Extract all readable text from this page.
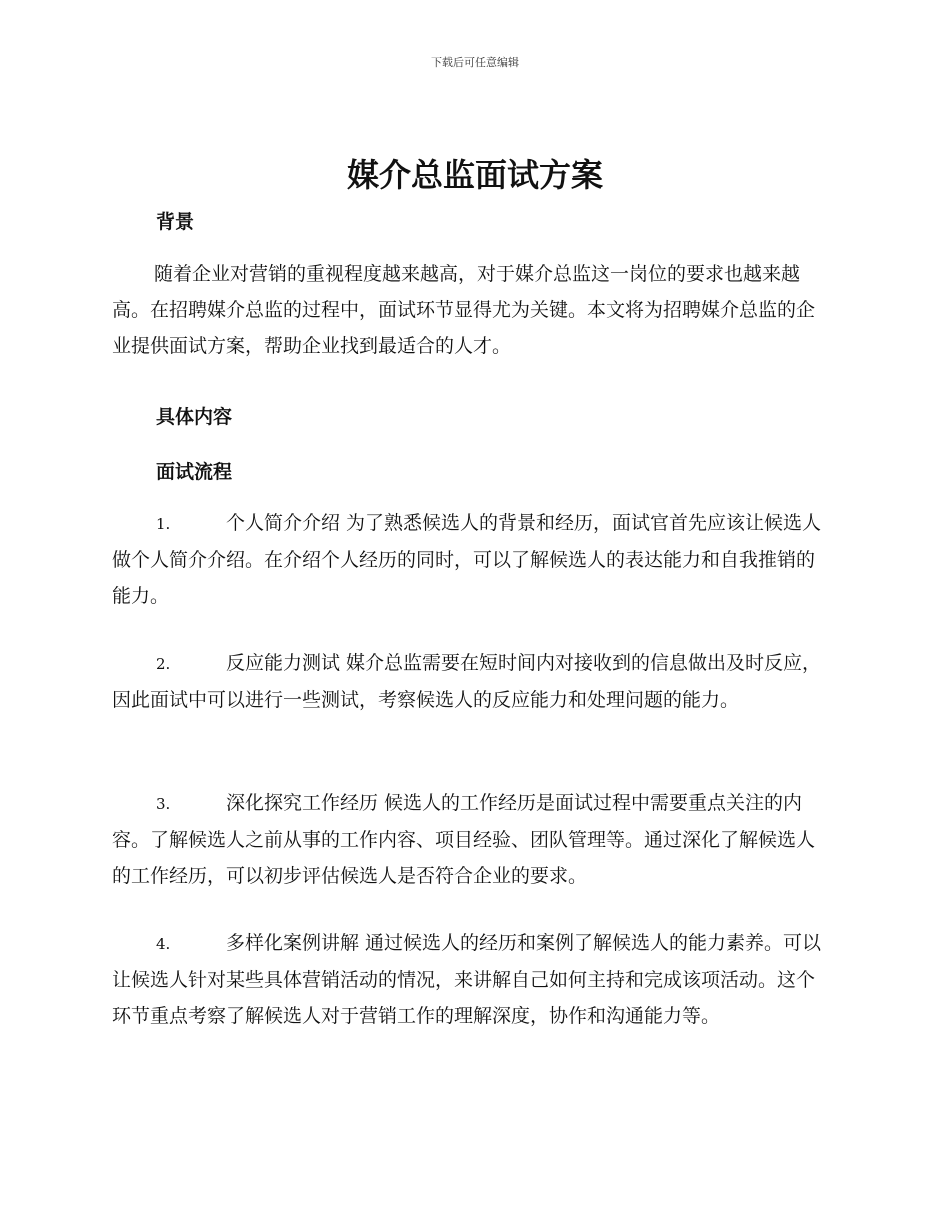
下载后可任意编辑
媒介总监面试方案
背景

随着企业对营销的重视程度越来越高，对于媒介总监这一岗位的要求也越来越高。在招聘媒介总监的过程中，面试环节显得尤为关键。本文将为招聘媒介总监的企业提供面试方案，帮助企业找到最适合的人才。

具体内容
面试流程

1.	个人简介介绍 为了熟悉候选人的背景和经历，面试官首先应该让候选人做个人简介介绍。在介绍个人经历的同时，可以了解候选人的表达能力和自我推销的能力。

2.	反应能力测试 媒介总监需要在短时间内对接收到的信息做出及时反应，因此面试中可以进行一些测试，考察候选人的反应能力和处理问题的能力。

3.	深化探究工作经历 候选人的工作经历是面试过程中需要重点关注的内容。了解候选人之前从事的工作内容、项目经验、团队管理等。通过深化了解候选人的工作经历，可以初步评估候选人是否符合企业的要求。

4.	多样化案例讲解 通过候选人的经历和案例了解候选人的能力素养。可以让候选人针对某些具体营销活动的情况，来讲解自己如何主持和完成该项活动。这个环节重点考察了解候选人对于营销工作的理解深度，协作和沟通能力等。
